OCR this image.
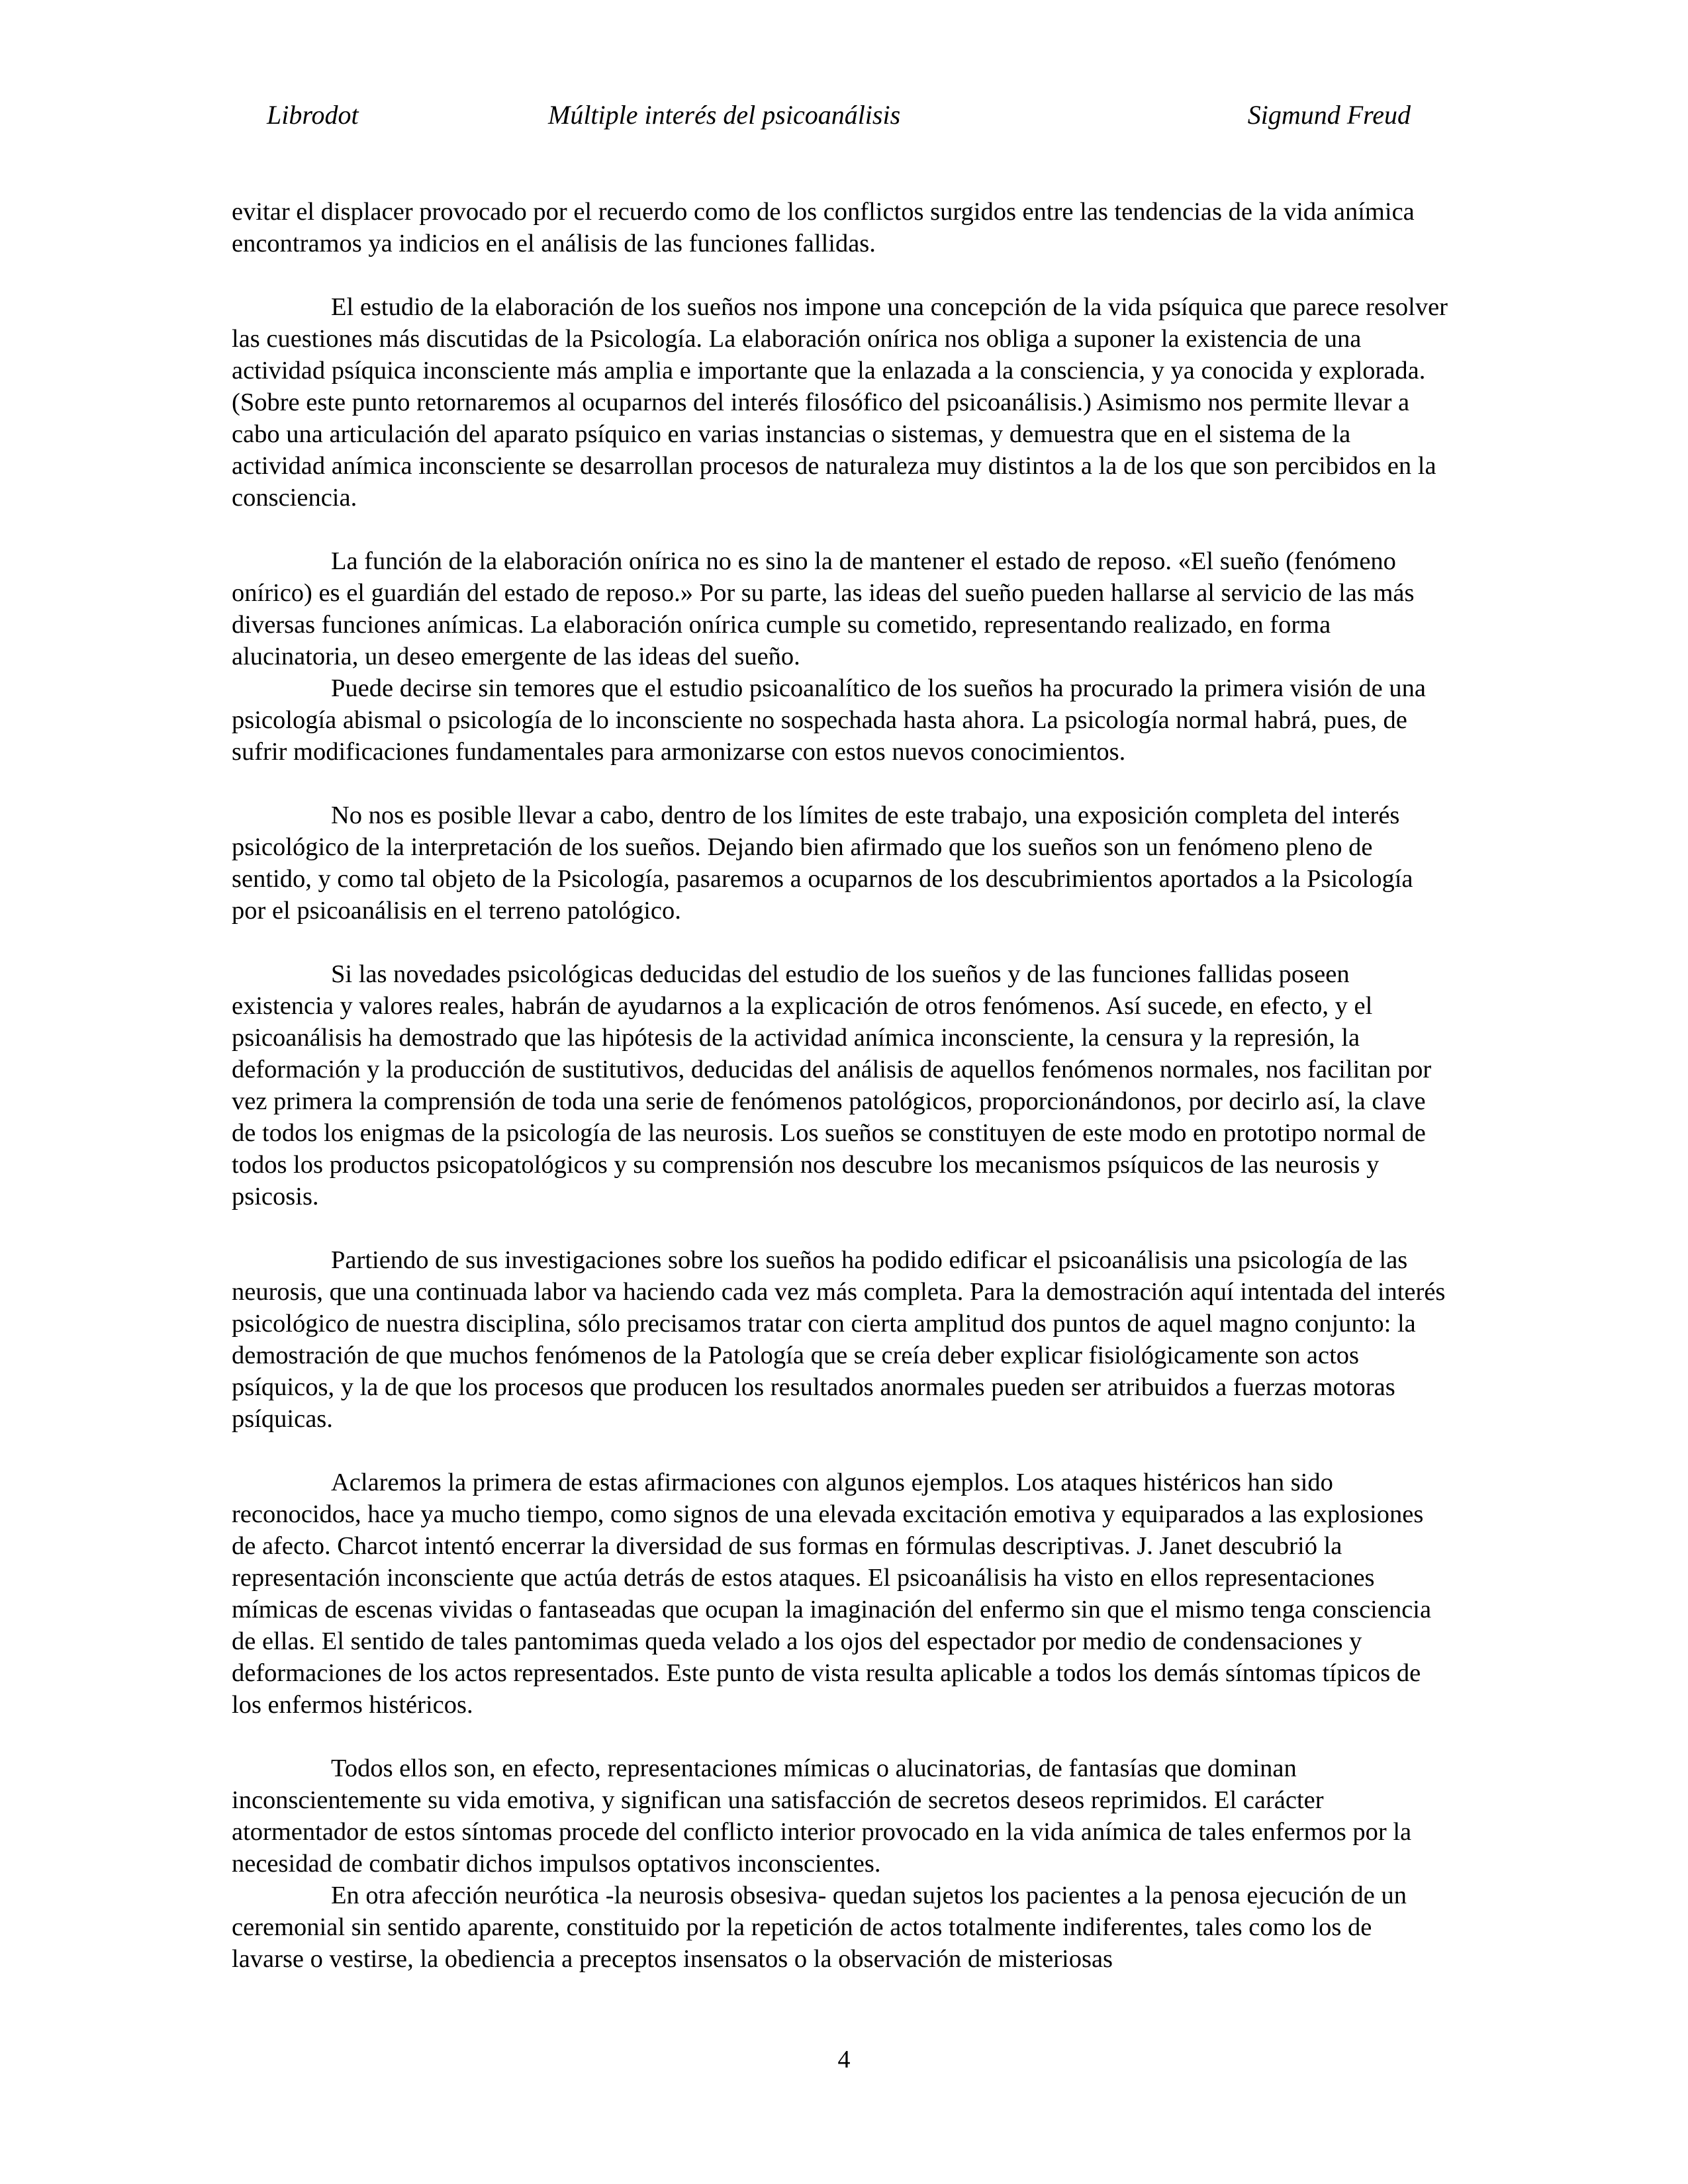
Librodot	Múltiple interés del psicoanálisis	Sigmund Freud

evitar el displacer provocado por el recuerdo como de los conflictos surgidos entre las tendencias de la vida anímica encontramos ya indicios en el análisis de las funciones fallidas.

El estudio de la elaboración de los sueños nos impone una concepción de la vida psíquica que parece resolver las cuestiones más discutidas de la Psicología. La elaboración onírica nos obliga a suponer la existencia de una actividad psíquica inconsciente más amplia e importante que la enlazada a la consciencia, y ya conocida y explorada. (Sobre este punto retornaremos al ocuparnos del interés filosófico del psicoanálisis.) Asimismo nos permite llevar a cabo una articulación del aparato psíquico en varias instancias o sistemas, y demuestra que en el sistema de la actividad anímica inconsciente se desarrollan procesos de naturaleza muy distintos a la de los que son percibidos en la consciencia.

La función de la elaboración onírica no es sino la de mantener el estado de reposo. «El sueño (fenómeno onírico) es el guardián del estado de reposo.» Por su parte, las ideas del sueño pueden hallarse al servicio de las más diversas funciones anímicas. La elaboración onírica cumple su cometido, representando realizado, en forma alucinatoria, un deseo emergente de las ideas del sueño.

Puede decirse sin temores que el estudio psicoanalítico de los sueños ha procurado la primera visión de una psicología abismal o psicología de lo inconsciente no sospechada hasta ahora. La psicología normal habrá, pues, de sufrir modificaciones fundamentales para armonizarse con estos nuevos conocimientos.

No nos es posible llevar a cabo, dentro de los límites de este trabajo, una exposición completa del interés psicológico de la interpretación de los sueños. Dejando bien afirmado que los sueños son un fenómeno pleno de sentido, y como tal objeto de la Psicología, pasaremos a ocuparnos de los descubrimientos aportados a la Psicología por el psicoanálisis en el terreno patológico.

Si las novedades psicológicas deducidas del estudio de los sueños y de las funciones fallidas poseen existencia y valores reales, habrán de ayudarnos a la explicación de otros fenómenos. Así sucede, en efecto, y el psicoanálisis ha demostrado que las hipótesis de la actividad anímica inconsciente, la censura y la represión, la deformación y la producción de sustitutivos, deducidas del análisis de aquellos fenómenos normales, nos facilitan por vez primera la comprensión de toda una serie de fenómenos patológicos, proporcionándonos, por decirlo así, la clave de todos los enigmas de la psicología de las neurosis. Los sueños se constituyen de este modo en prototipo normal de todos los productos psicopatológicos y su comprensión nos descubre los mecanismos psíquicos de las neurosis y psicosis.

Partiendo de sus investigaciones sobre los sueños ha podido edificar el psicoanálisis una psicología de las neurosis, que una continuada labor va haciendo cada vez más completa. Para la demostración aquí intentada del interés psicológico de nuestra disciplina, sólo precisamos tratar con cierta amplitud dos puntos de aquel magno conjunto: la demostración de que muchos fenómenos de la Patología que se creía deber explicar fisiológicamente son actos psíquicos, y la de que los procesos que producen los resultados anormales pueden ser atribuidos a fuerzas motoras psíquicas.

Aclaremos la primera de estas afirmaciones con algunos ejemplos. Los ataques histéricos han sido reconocidos, hace ya mucho tiempo, como signos de una elevada excitación emotiva y equiparados a las explosiones de afecto. Charcot intentó encerrar la diversidad de sus formas en fórmulas descriptivas. J. Janet descubrió la representación inconsciente que actúa detrás de estos ataques. El psicoanálisis ha visto en ellos representaciones mímicas de escenas vividas o fantaseadas que ocupan la imaginación del enfermo sin que el mismo tenga consciencia de ellas. El sentido de tales pantomimas queda velado a los ojos del espectador por medio de condensaciones y deformaciones de los actos representados. Este punto de vista resulta aplicable a todos los demás síntomas típicos de los enfermos histéricos.

Todos ellos son, en efecto, representaciones mímicas o alucinatorias, de fantasías que dominan inconscientemente su vida emotiva, y significan una satisfacción de secretos deseos reprimidos. El carácter atormentador de estos síntomas procede del conflicto interior provocado en la vida anímica de tales enfermos por la necesidad de combatir dichos impulsos optativos inconscientes.

En otra afección neurótica -la neurosis obsesiva- quedan sujetos los pacientes a la penosa ejecución de un ceremonial sin sentido aparente, constituido por la repetición de actos totalmente indiferentes, tales como los de lavarse o vestirse, la obediencia a preceptos insensatos o la observación de misteriosas

4
